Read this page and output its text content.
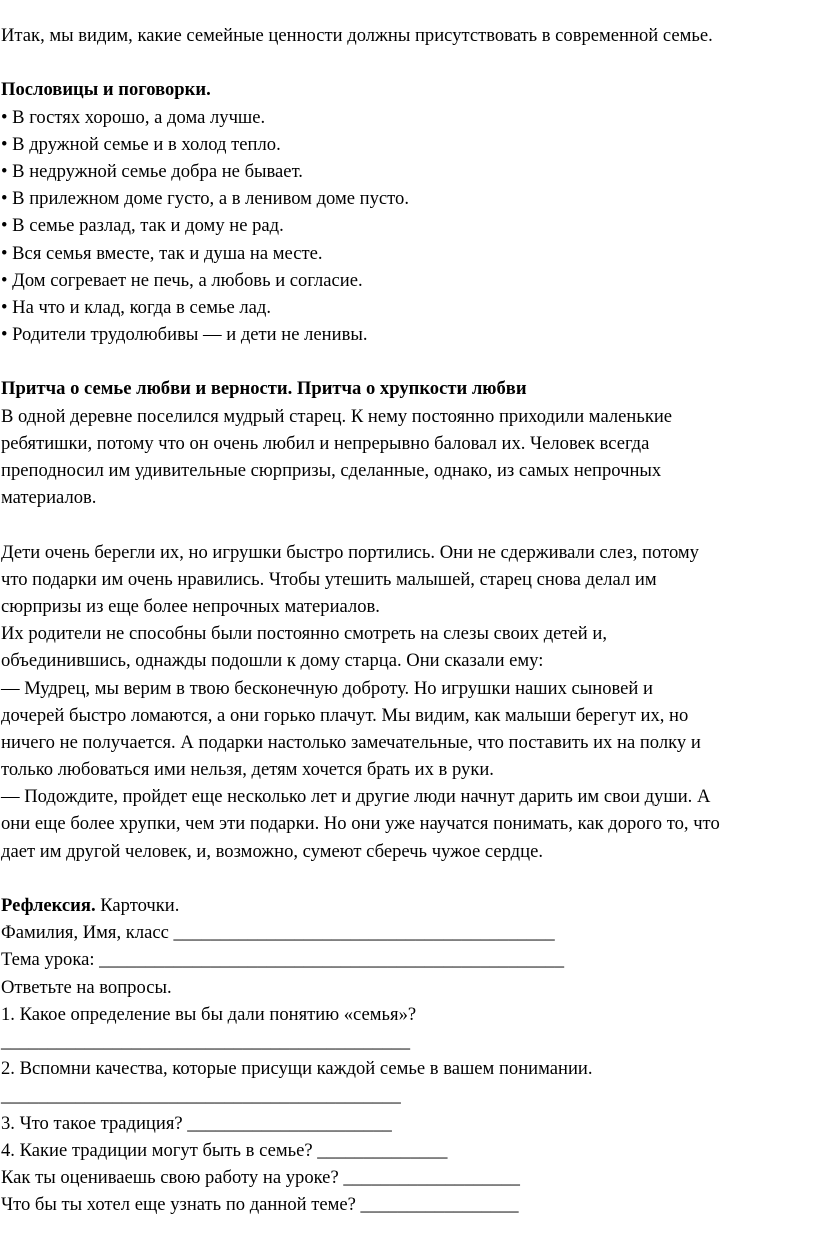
Итак, мы видим, какие семейные ценности должны присутствовать в современной семье.
Пословицы и поговорки.
• В гостях хорошо, а дома лучше.
• В дружной семье и в холод тепло.
• В недружной семье добра не бывает.
• В прилежном доме густо, а в ленивом доме пусто.
• В семье разлад, так и дому не рад.
• Вся семья вместе, так и душа на месте.
• Дом согревает не печь, а любовь и согласие.
• На что и клад, когда в семье лад.
• Родители трудолюбивы — и дети не ленивы.
Притча о семье любви и верности. Притча о хрупкости любви
В одной деревне поселился мудрый старец. К нему постоянно приходили маленькие
ребятишки, потому что он очень любил и непрерывно баловал их. Человек всегда
преподносил им удивительные сюрпризы, сделанные, однако, из самых непрочных
материалов.
Дети очень берегли их, но игрушки быстро портились. Они не сдерживали слез, потому
что подарки им очень нравились. Чтобы утешить малышей, старец снова делал им
сюрпризы из еще более непрочных материалов.
Их родители не способны были постоянно смотреть на слезы своих детей и,
объединившись, однажды подошли к дому старца. Они сказали ему:
— Мудрец, мы верим в твою бесконечную доброту. Но игрушки наших сыновей и
дочерей быстро ломаются, а они горько плачут. Мы видим, как малыши берегут их, но
ничего не получается. А подарки настолько замечательные, что поставить их на полку и
только любоваться ими нельзя, детям хочется брать их в руки.
— Подождите, пройдет еще несколько лет и другие люди начнут дарить им свои души. А
они еще более хрупки, чем эти подарки. Но они уже научатся понимать, как дорого то, что
дает им другой человек, и, возможно, сумеют сберечь чужое сердце.
Рефлексия. Карточки.
Фамилия, Имя, класс _________________________________________
Тема урока: __________________________________________________
Ответьте на вопросы.
1. Какое определение вы бы дали понятию «семья»?
____________________________________________
2. Вспомни качества, которые присущи каждой семье в вашем понимании.
___________________________________________
3. Что такое традиция? ______________________
4. Какие традиции могут быть в семье? ______________
Как ты оцениваешь свою работу на уроке? ___________________
Что бы ты хотел еще узнать по данной теме? _________________
